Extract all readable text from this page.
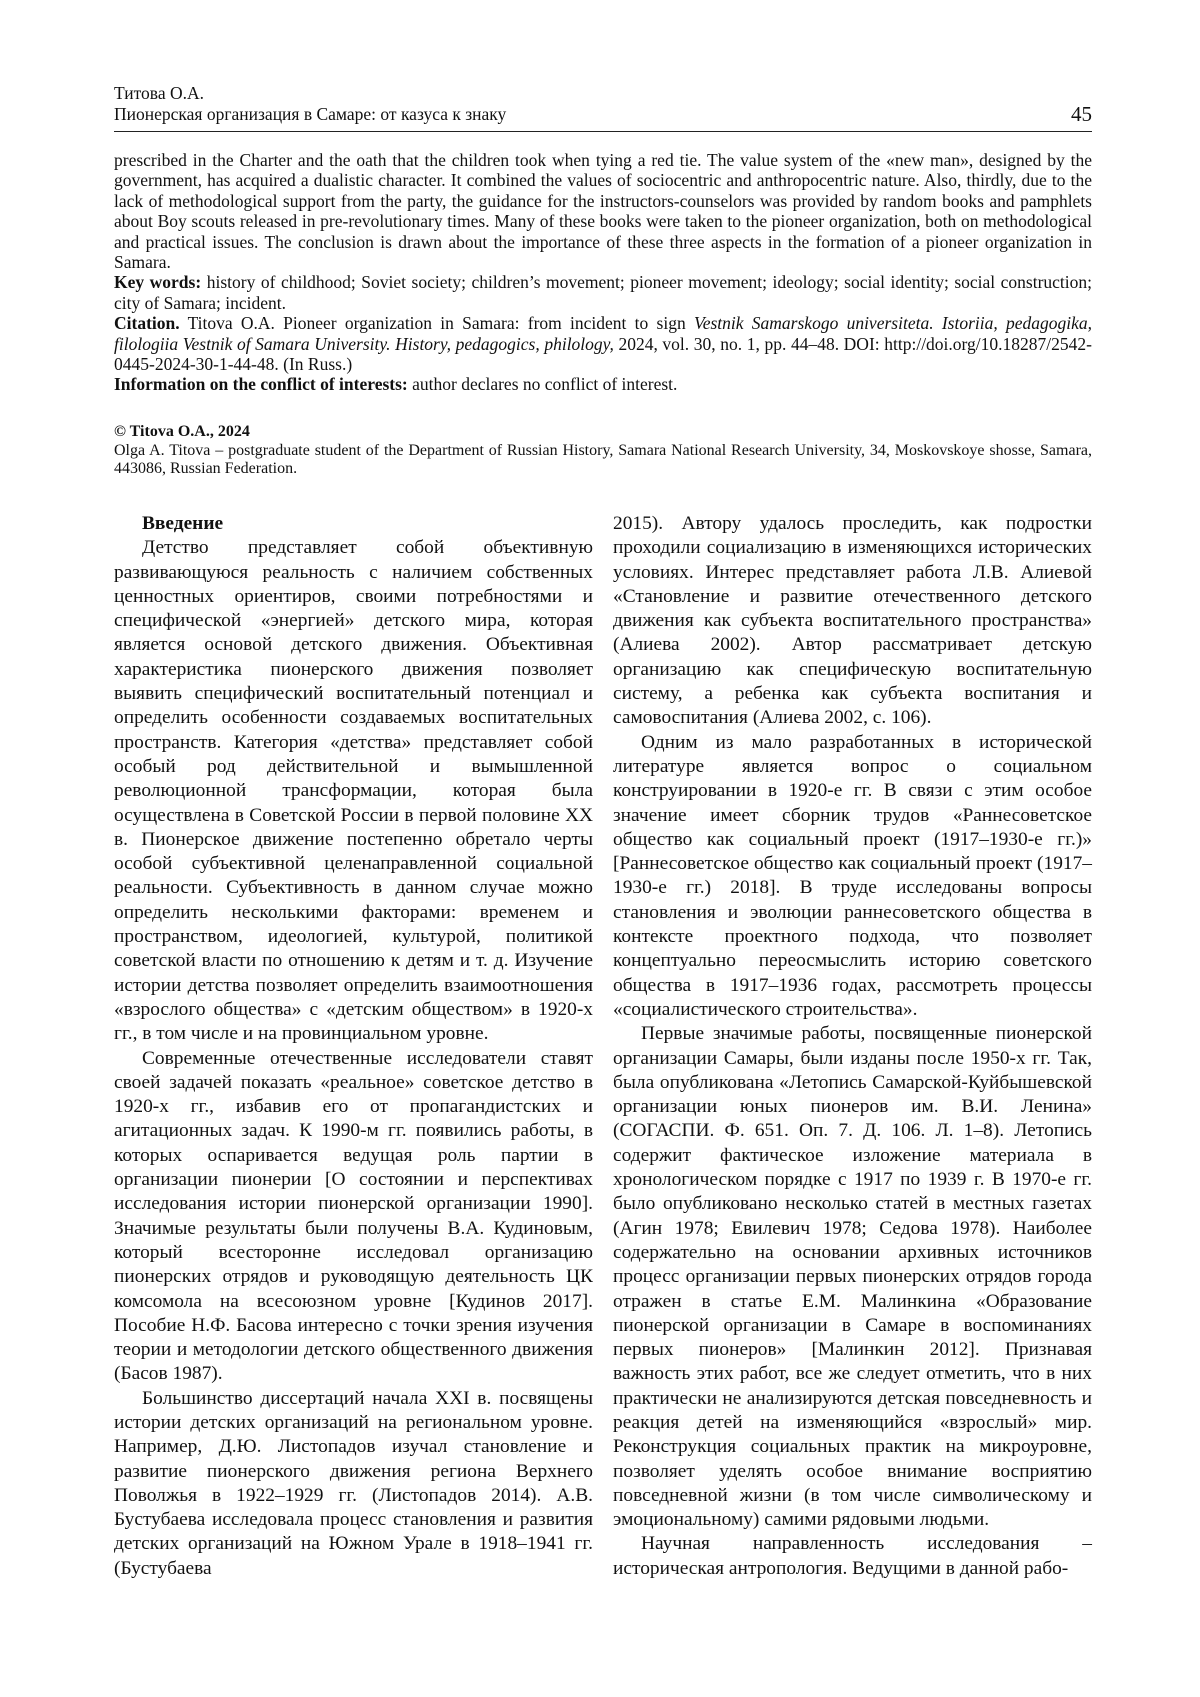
Титова О.А.
Пионерская организация в Самаре: от казуса к знаку	45

prescribed in the Charter and the oath that the children took when tying a red tie. The value system of the «new man», designed by the government, has acquired a dualistic character. It combined the values of sociocentric and anthropocentric nature. Also, thirdly, due to the lack of methodological support from the party, the guidance for the instructors-counselors was provided by random books and pamphlets about Boy scouts released in pre-revolutionary times. Many of these books were taken to the pioneer organization, both on methodological and practical issues. The conclusion is drawn about the importance of these three aspects in the formation of a pioneer organization in Samara.

Key words: history of childhood; Soviet society; children’s movement; pioneer movement; ideology; social identity; social construction; city of Samara; incident.

Citation. Titova O.A. Pioneer organization in Samara: from incident to sign Vestnik Samarskogo universiteta. Istoriia, pedagogika, filologiia Vestnik of Samara University. History, pedagogics, philology, 2024, vol. 30, no. 1, pp. 44–48. DOI: http://doi.org/10.18287/2542-0445-2024-30-1-44-48. (In Russ.)

Information on the conflict of interests: author declares no conflict of interest.

© Titova O.A., 2024
Olga A. Titova – postgraduate student of the Department of Russian History, Samara National Research University, 34, Moskovskoye shosse, Samara, 443086, Russian Federation.

Введение

Детство представляет собой объективную развивающуюся реальность с наличием собственных ценностных ориентиров, своими потребностями и специфической «энергией» детского мира, которая является основой детского движения. Объективная характеристика пионерского движения позволяет выявить специфический воспитательный потенциал и определить особенности создаваемых воспитательных пространств. Категория «детства» представляет собой особый род действительной и вымышленной революционной трансформации, которая была осуществлена в Советской России в первой половине XX в. Пионерское движение постепенно обретало черты особой субъективной целенаправленной социальной реальности. Субъективность в данном случае можно определить несколькими факторами: временем и пространством, идеологией, культурой, политикой советской власти по отношению к детям и т. д. Изучение истории детства позволяет определить взаимоотношения «взрослого общества» с «детским обществом» в 1920-х гг., в том числе и на провинциальном уровне.

Современные отечественные исследователи ставят своей задачей показать «реальное» советское детство в 1920-х гг., избавив его от пропагандистских и агитационных задач. К 1990-м гг. появились работы, в которых оспаривается ведущая роль партии в организации пионерии [О состоянии и перспективах исследования истории пионерской организации 1990]. Значимые результаты были получены В.А. Кудиновым, который всесторонне исследовал организацию пионерских отрядов и руководящую деятельность ЦК комсомола на всесоюзном уровне [Кудинов 2017]. Пособие Н.Ф. Басова интересно с точки зрения изучения теории и методологии детского общественного движения (Басов 1987).

Большинство диссертаций начала XXI в. посвящены истории детских организаций на региональном уровне. Например, Д.Ю. Листопадов изучал становление и развитие пионерского движения региона Верхнего Поволжья в 1922–1929 гг. (Листопадов 2014). А.В. Бустубаева исследовала процесс становления и развития детских организаций на Южном Урале в 1918–1941 гг. (Бустубаева

2015). Автору удалось проследить, как подростки проходили социализацию в изменяющихся исторических условиях. Интерес представляет работа Л.В. Алиевой «Становление и развитие отечественного детского движения как субъекта воспитательного пространства» (Алиева 2002). Автор рассматривает детскую организацию как специфическую воспитательную систему, а ребенка как субъекта воспитания и самовоспитания (Алиева 2002, с. 106).

Одним из мало разработанных в исторической литературе является вопрос о социальном конструировании в 1920-е гг. В связи с этим особое значение имеет сборник трудов «Раннесоветское общество как социальный проект (1917–1930-е гг.)» [Раннесоветское общество как социальный проект (1917–1930-е гг.) 2018]. В труде исследованы вопросы становления и эволюции раннесоветского общества в контексте проектного подхода, что позволяет концептуально переосмыслить историю советского общества в 1917–1936 годах, рассмотреть процессы «социалистического строительства».

Первые значимые работы, посвященные пионерской организации Самары, были изданы после 1950-х гг. Так, была опубликована «Летопись Самарской-Куйбышевской организации юных пионеров им. В.И. Ленина» (СОГАСПИ. Ф. 651. Оп. 7. Д. 106. Л. 1–8). Летопись содержит фактическое изложение материала в хронологическом порядке с 1917 по 1939 г. В 1970-е гг. было опубликовано несколько статей в местных газетах (Агин 1978; Евилевич 1978; Седова 1978). Наиболее содержательно на основании архивных источников процесс организации первых пионерских отрядов города отражен в статье Е.М. Малинкина «Образование пионерской организации в Самаре в воспоминаниях первых пионеров» [Малинкин 2012]. Признавая важность этих работ, все же следует отметить, что в них практически не анализируются детская повседневность и реакция детей на изменяющийся «взрослый» мир. Реконструкция социальных практик на микроуровне, позволяет уделять особое внимание восприятию повседневной жизни (в том числе символическому и эмоциональному) самими рядовыми людьми.

Научная направленность исследования – историческая антропология. Ведущими в данной рабо-
